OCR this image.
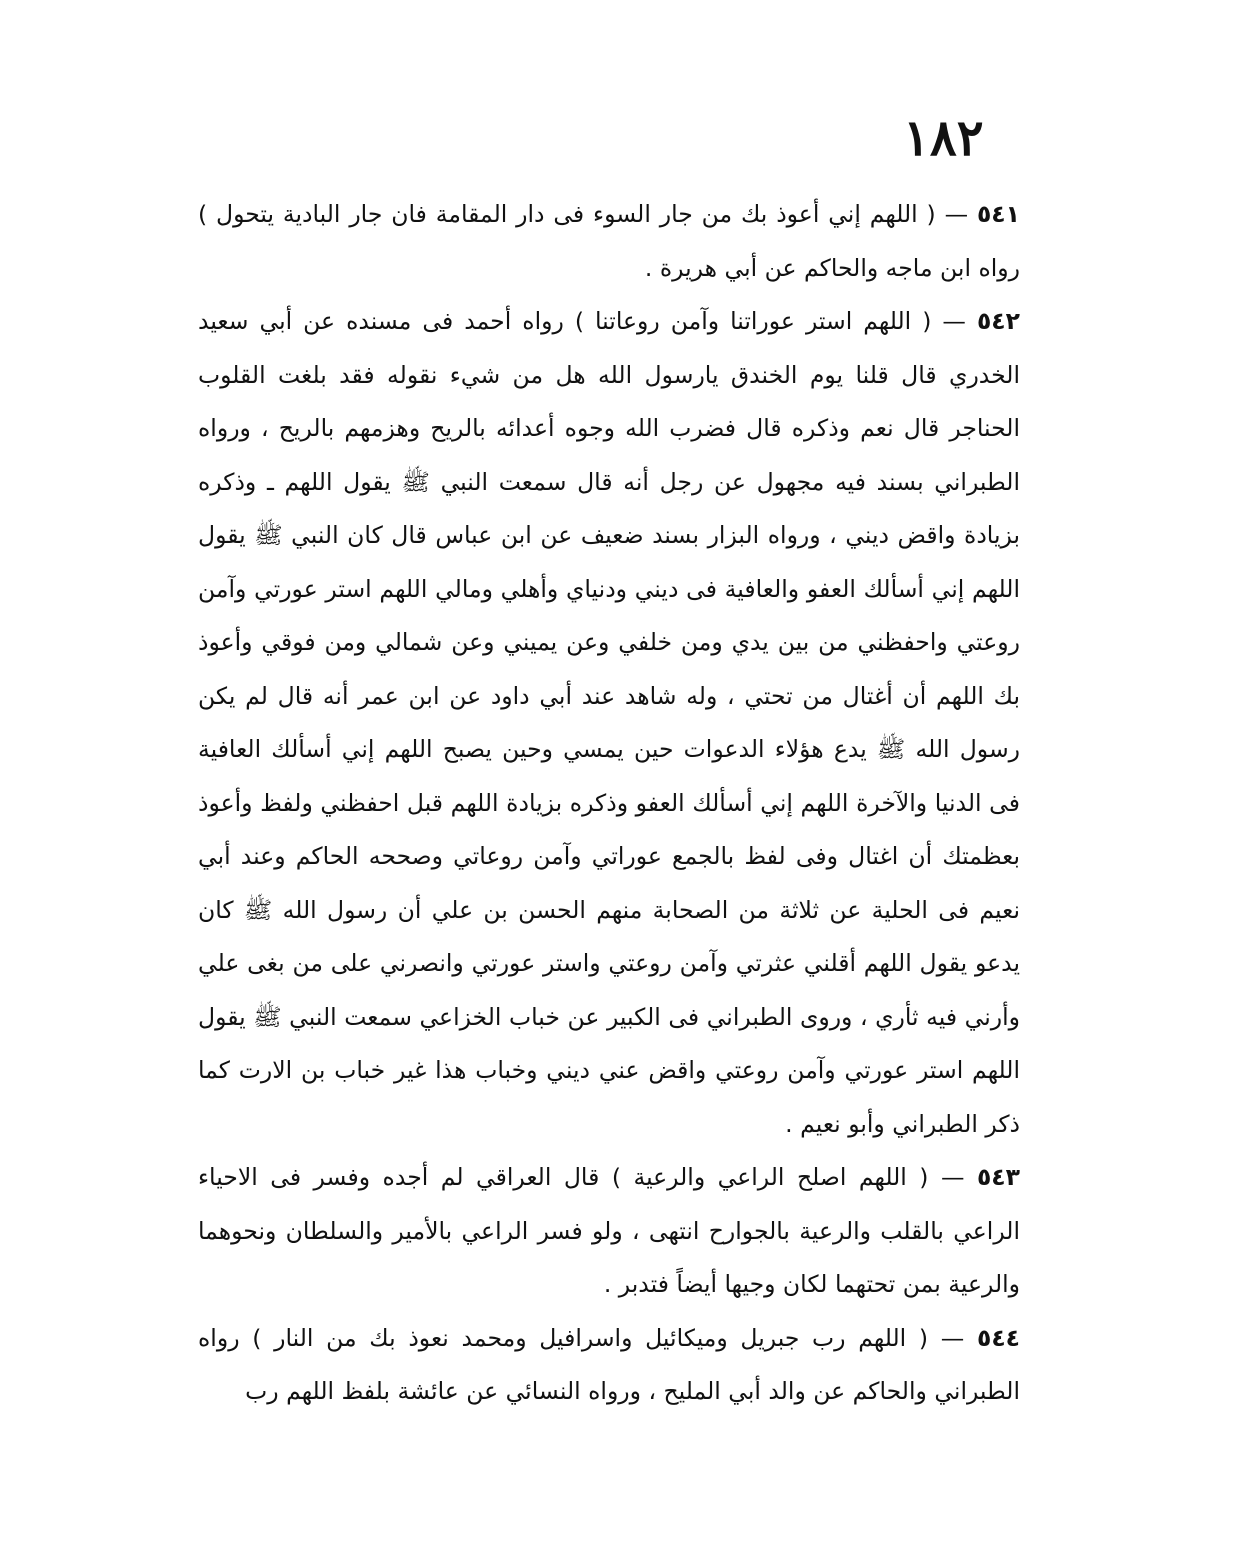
١٨٢

٥٤١ — ( اللهم إني أعوذ بك من جار السوء فى دار المقامة فان جار البادية يتحول ) رواه ابن ماجه والحاكم عن أبي هريرة .

٥٤٢ — ( اللهم استر عوراتنا وآمن روعاتنا ) رواه أحمد فى مسنده عن أبي سعيد الخدري قال قلنا يوم الخندق يارسول الله هل من شيء نقوله فقد بلغت القلوب الحناجر قال نعم وذكره قال فضرب الله وجوه أعدائه بالريح وهزمهم بالريح ، ورواه الطبراني بسند فيه مجهول عن رجل أنه قال سمعت النبي ﷺ يقول اللهم ـ وذكره بزيادة واقض ديني ، ورواه البزار بسند ضعيف عن ابن عباس قال كان النبي ﷺ يقول اللهم إني أسألك العفو والعافية فى ديني ودنياي وأهلي ومالي اللهم استر عورتي وآمن روعتي واحفظني من بين يدي ومن خلفي وعن يميني وعن شمالي ومن فوقي وأعوذ بك اللهم أن أغتال من تحتي ، وله شاهد عند أبي داود عن ابن عمر أنه قال لم يكن رسول الله ﷺ يدع هؤلاء الدعوات حين يمسي وحين يصبح اللهم إني أسألك العافية فى الدنيا والآخرة اللهم إني أسألك العفو وذكره بزيادة اللهم قبل احفظني ولفظ وأعوذ بعظمتك أن اغتال وفى لفظ بالجمع عوراتي وآمن روعاتي وصححه الحاكم وعند أبي نعيم فى الحلية عن ثلاثة من الصحابة منهم الحسن بن علي أن رسول الله ﷺ كان يدعو يقول اللهم أقلني عثرتي وآمن روعتي واستر عورتي وانصرني على من بغى علي وأرني فيه ثأري ، وروى الطبراني فى الكبير عن خباب الخزاعي سمعت النبي ﷺ يقول اللهم استر عورتي وآمن روعتي واقض عني ديني وخباب هذا غير خباب بن الارت كما ذكر الطبراني وأبو نعيم .

٥٤٣ — ( اللهم اصلح الراعي والرعية ) قال العراقي لم أجده وفسر فى الاحياء الراعي بالقلب والرعية بالجوارح انتهى ، ولو فسر الراعي بالأمير والسلطان ونحوهما والرعية بمن تحتهما لكان وجيها أيضاً فتدبر .

٥٤٤ — ( اللهم رب جبريل وميكائيل واسرافيل ومحمد نعوذ بك من النار ) رواه الطبراني والحاكم عن والد أبي المليح ، ورواه النسائي عن عائشة بلفظ اللهم رب
